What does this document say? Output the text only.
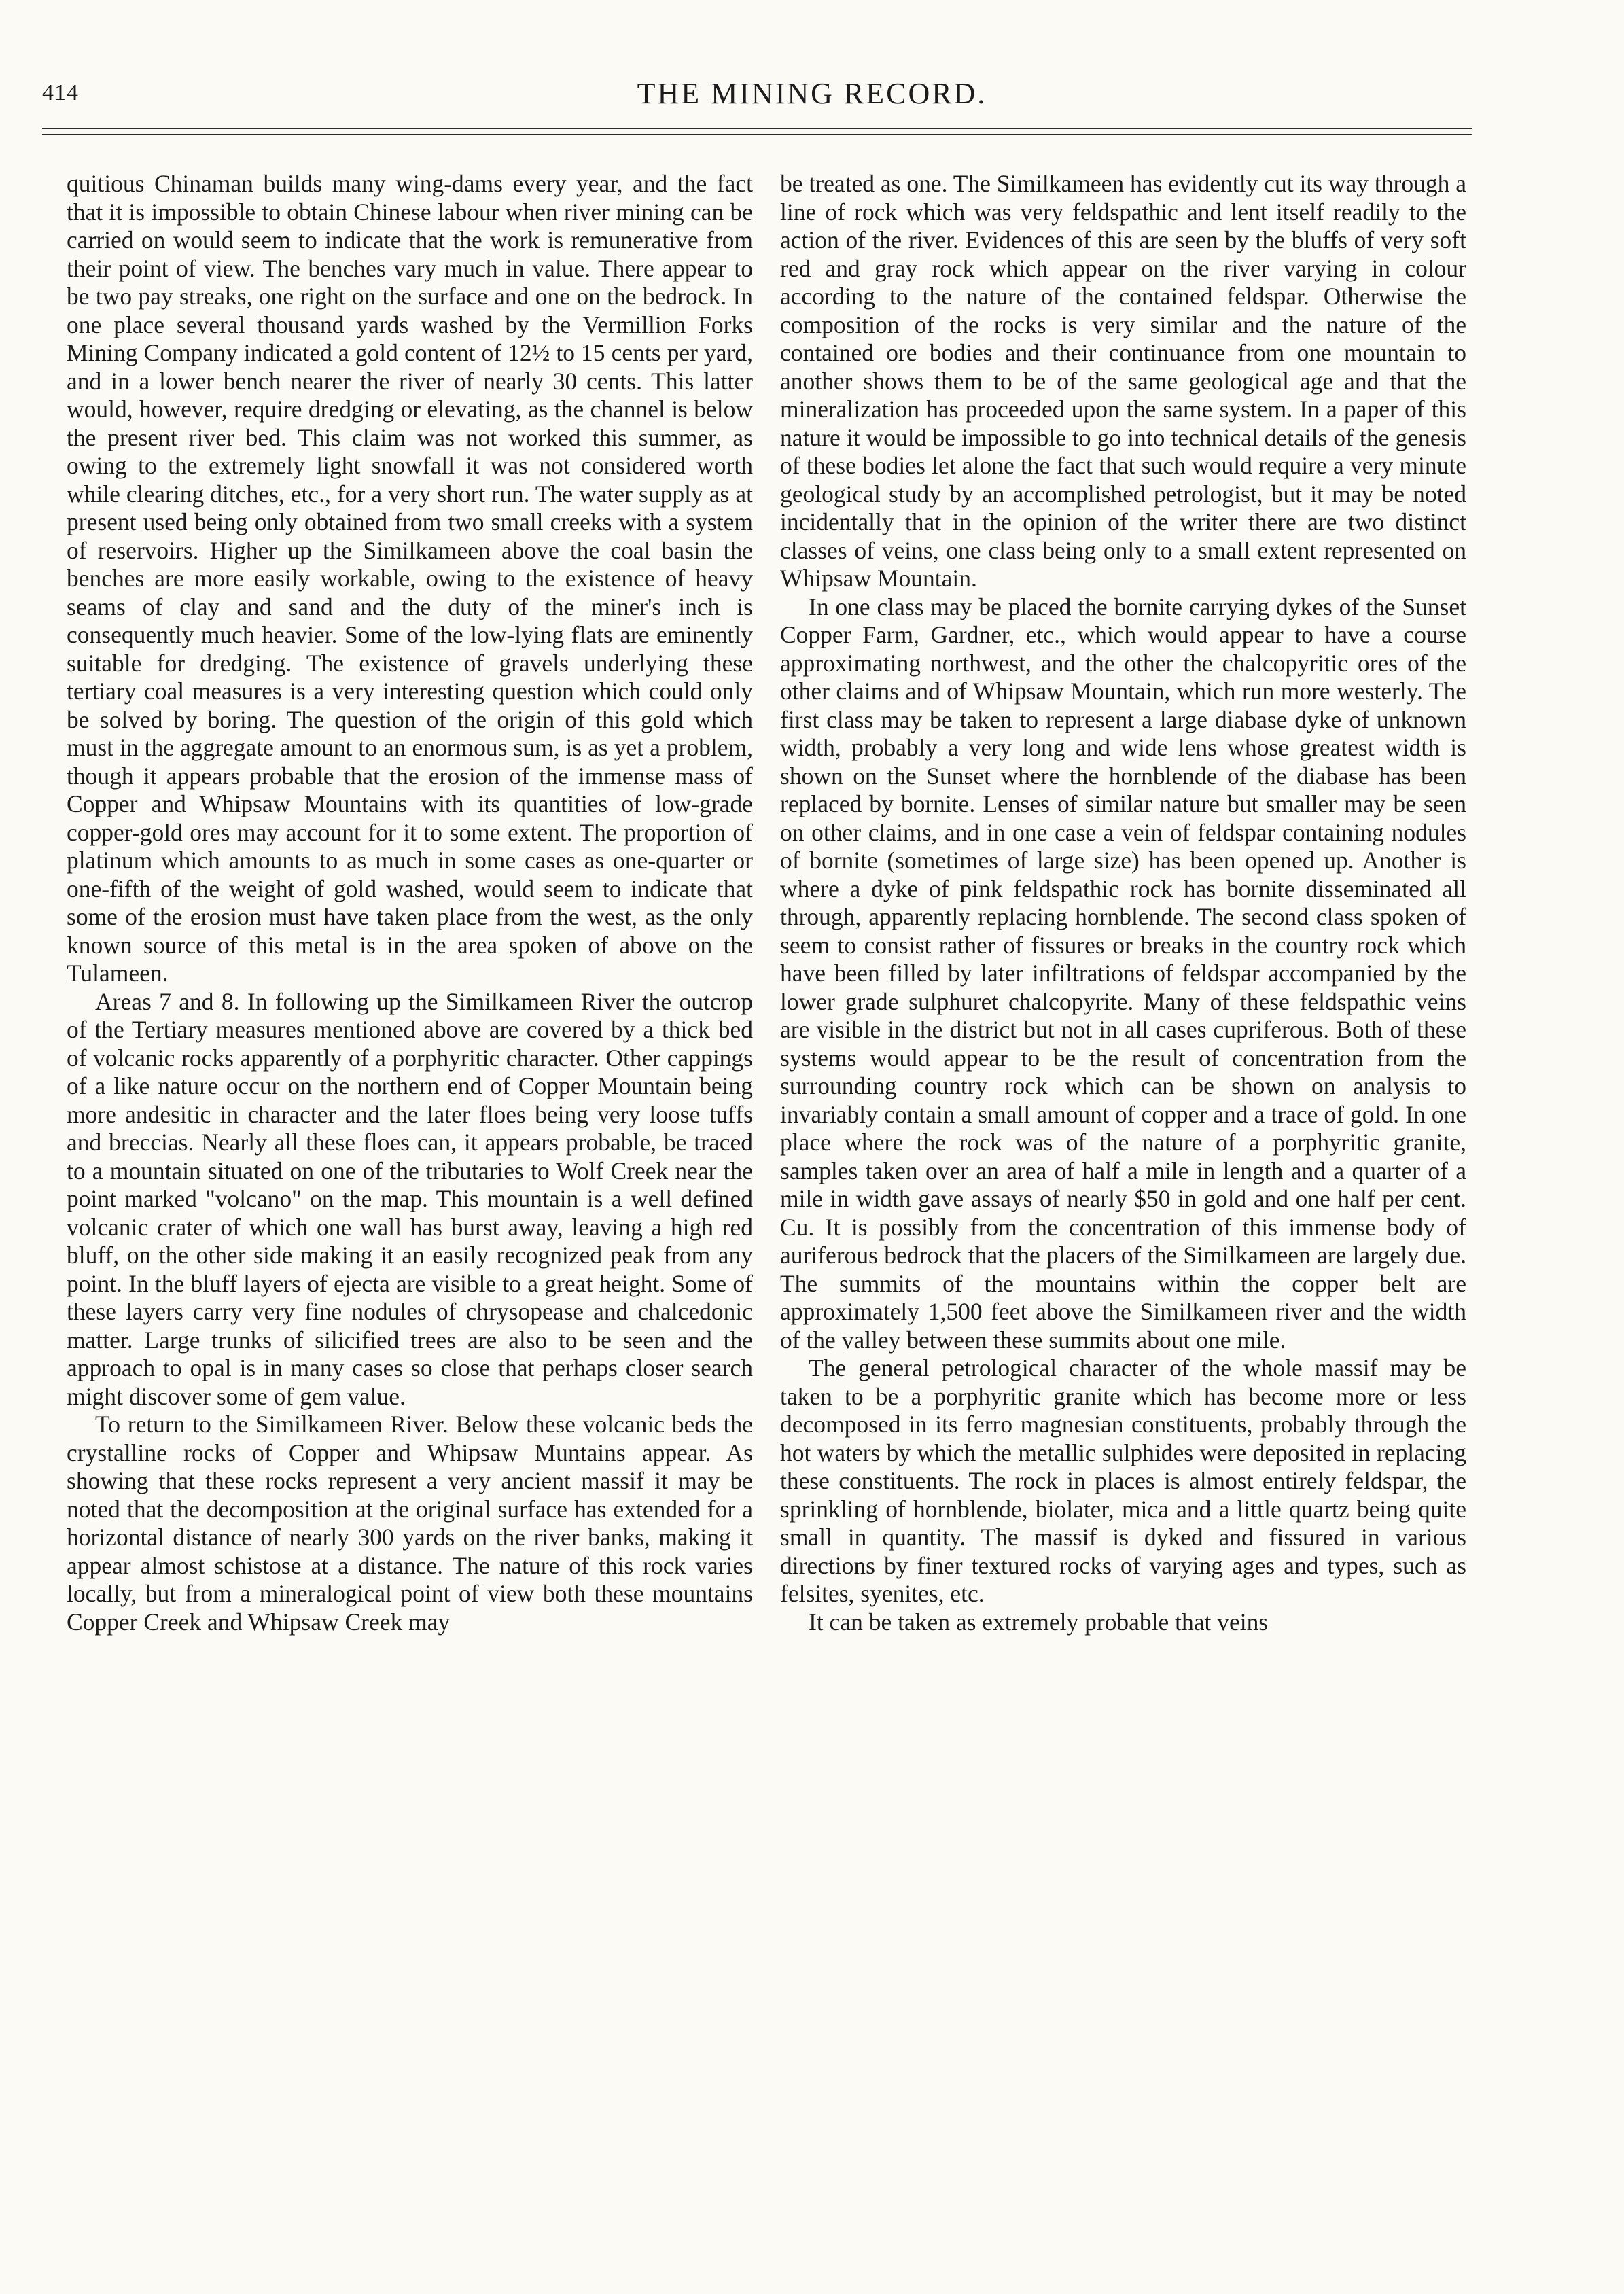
414	THE MINING RECORD.

quitious Chinaman builds many wing-dams every year, and the fact that it is impossible to obtain Chinese labour when river mining can be carried on would seem to indicate that the work is remunerative from their point of view. The benches vary much in value. There appear to be two pay streaks, one right on the surface and one on the bedrock. In one place several thousand yards washed by the Vermillion Forks Mining Company indicated a gold content of 12½ to 15 cents per yard, and in a lower bench nearer the river of nearly 30 cents. This latter would, however, require dredging or elevating, as the channel is below the present river bed. This claim was not worked this summer, as owing to the extremely light snowfall it was not considered worth while clearing ditches, etc., for a very short run. The water supply as at present used being only obtained from two small creeks with a system of reservoirs. Higher up the Similkameen above the coal basin the benches are more easily workable, owing to the existence of heavy seams of clay and sand and the duty of the miner's inch is consequently much heavier. Some of the low-lying flats are eminently suitable for dredging. The existence of gravels underlying these tertiary coal measures is a very interesting question which could only be solved by boring. The question of the origin of this gold which must in the aggregate amount to an enormous sum, is as yet a problem, though it appears probable that the erosion of the immense mass of Copper and Whipsaw Mountains with its quantities of low-grade copper-gold ores may account for it to some extent. The proportion of platinum which amounts to as much in some cases as one-quarter or one-fifth of the weight of gold washed, would seem to indicate that some of the erosion must have taken place from the west, as the only known source of this metal is in the area spoken of above on the Tulameen.

Areas 7 and 8. In following up the Similkameen River the outcrop of the Tertiary measures mentioned above are covered by a thick bed of volcanic rocks apparently of a porphyritic character. Other cappings of a like nature occur on the northern end of Copper Mountain being more andesitic in character and the later floes being very loose tuffs and breccias. Nearly all these floes can, it appears probable, be traced to a mountain situated on one of the tributaries to Wolf Creek near the point marked "volcano" on the map. This mountain is a well defined volcanic crater of which one wall has burst away, leaving a high red bluff, on the other side making it an easily recognized peak from any point. In the bluff layers of ejecta are visible to a great height. Some of these layers carry very fine nodules of chrysopease and chalcedonic matter. Large trunks of silicified trees are also to be seen and the approach to opal is in many cases so close that perhaps closer search might discover some of gem value.

To return to the Similkameen River. Below these volcanic beds the crystalline rocks of Copper and Whipsaw Muntains appear. As showing that these rocks represent a very ancient massif it may be noted that the decomposition at the original surface has extended for a horizontal distance of nearly 300 yards on the river banks, making it appear almost schistose at a distance. The nature of this rock varies locally, but from a mineralogical point of view both these mountains Copper Creek and Whipsaw Creek may

be treated as one. The Similkameen has evidently cut its way through a line of rock which was very feldspathic and lent itself readily to the action of the river. Evidences of this are seen by the bluffs of very soft red and gray rock which appear on the river varying in colour according to the nature of the contained feldspar. Otherwise the composition of the rocks is very similar and the nature of the contained ore bodies and their continuance from one mountain to another shows them to be of the same geological age and that the mineralization has proceeded upon the same system. In a paper of this nature it would be impossible to go into technical details of the genesis of these bodies let alone the fact that such would require a very minute geological study by an accomplished petrologist, but it may be noted incidentally that in the opinion of the writer there are two distinct classes of veins, one class being only to a small extent represented on Whipsaw Mountain.

In one class may be placed the bornite carrying dykes of the Sunset Copper Farm, Gardner, etc., which would appear to have a course approximating northwest, and the other the chalcopyritic ores of the other claims and of Whipsaw Mountain, which run more westerly. The first class may be taken to represent a large diabase dyke of unknown width, probably a very long and wide lens whose greatest width is shown on the Sunset where the hornblende of the diabase has been replaced by bornite. Lenses of similar nature but smaller may be seen on other claims, and in one case a vein of feldspar containing nodules of bornite (sometimes of large size) has been opened up. Another is where a dyke of pink feldspathic rock has bornite disseminated all through, apparently replacing hornblende. The second class spoken of seem to consist rather of fissures or breaks in the country rock which have been filled by later infiltrations of feldspar accompanied by the lower grade sulphuret chalcopyrite. Many of these feldspathic veins are visible in the district but not in all cases cupriferous. Both of these systems would appear to be the result of concentration from the surrounding country rock which can be shown on analysis to invariably contain a small amount of copper and a trace of gold. In one place where the rock was of the nature of a porphyritic granite, samples taken over an area of half a mile in length and a quarter of a mile in width gave assays of nearly $50 in gold and one half per cent. Cu. It is possibly from the concentration of this immense body of auriferous bedrock that the placers of the Similkameen are largely due. The summits of the mountains within the copper belt are approximately 1,500 feet above the Similkameen river and the width of the valley between these summits about one mile.

The general petrological character of the whole massif may be taken to be a porphyritic granite which has become more or less decomposed in its ferro magnesian constituents, probably through the hot waters by which the metallic sulphides were deposited in replacing these constituents. The rock in places is almost entirely feldspar, the sprinkling of hornblende, biolater, mica and a little quartz being quite small in quantity. The massif is dyked and fissured in various directions by finer textured rocks of varying ages and types, such as felsites, syenites, etc.

It can be taken as extremely probable that veins
